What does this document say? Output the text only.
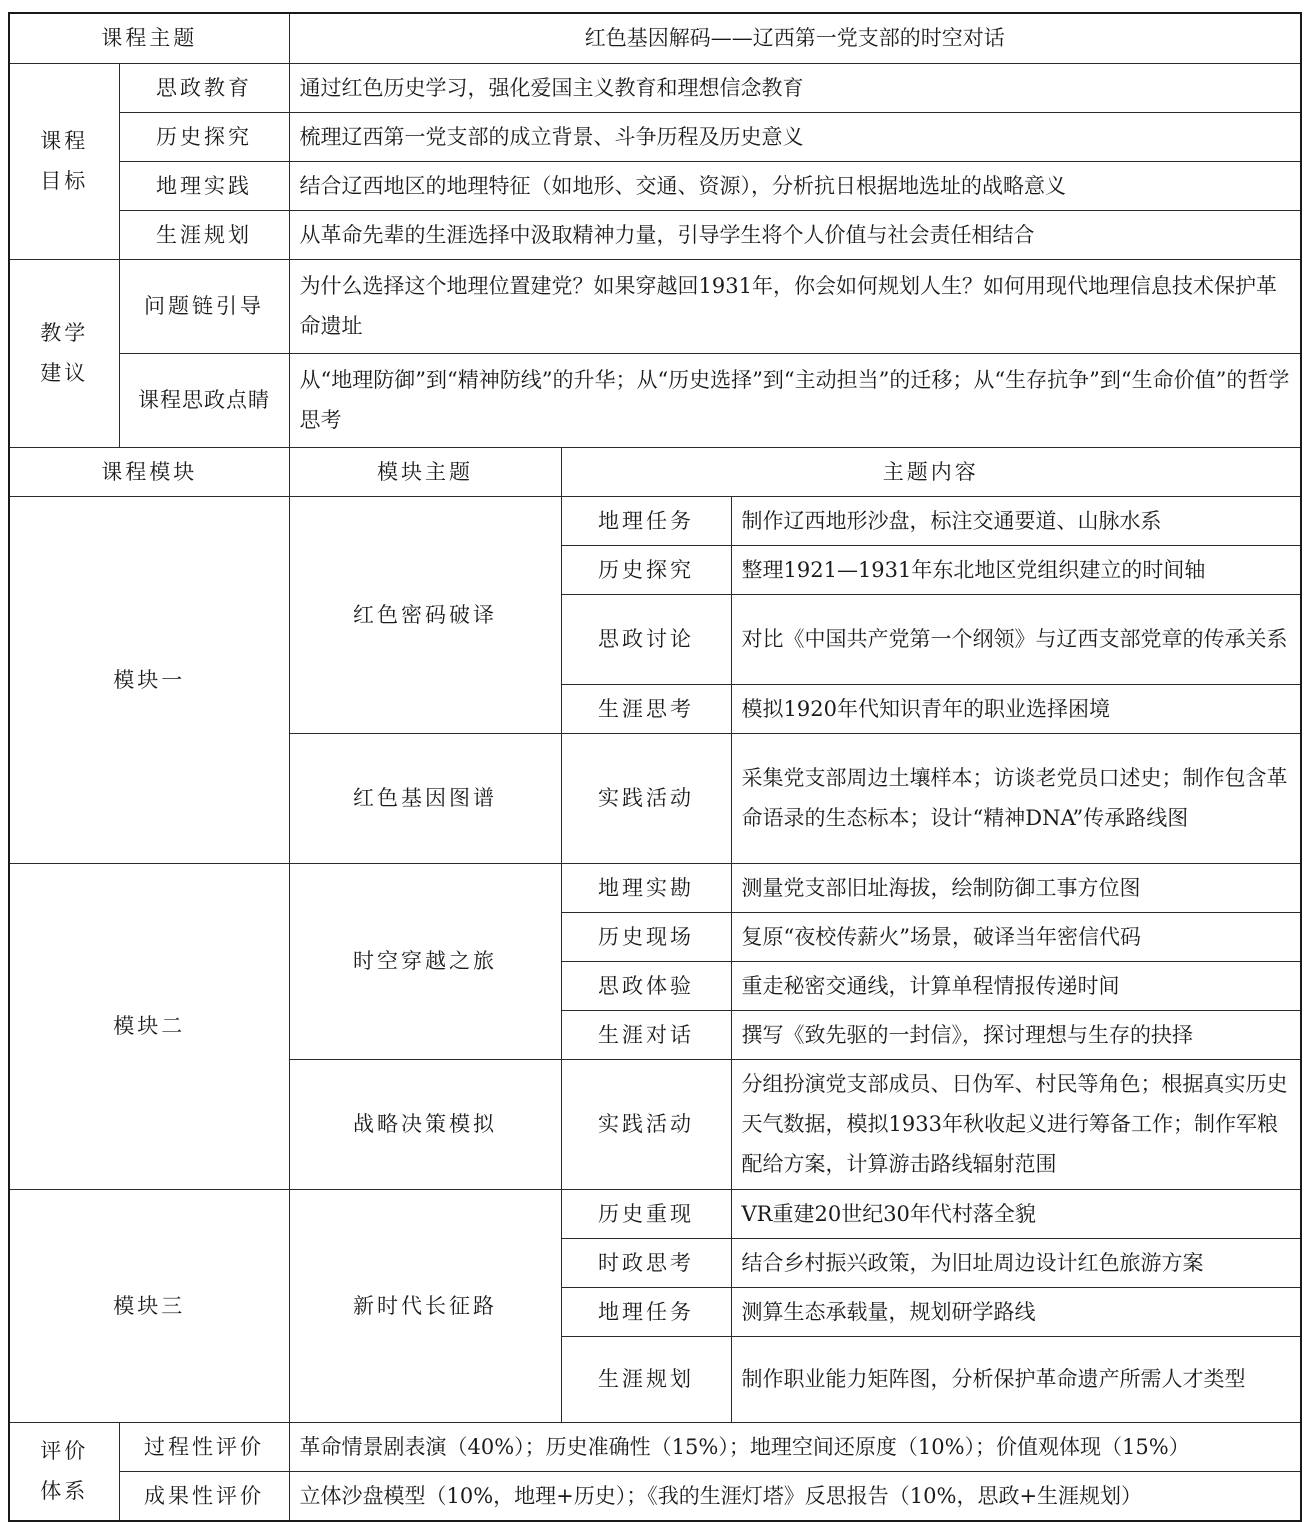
课程主题		红色基因解码——辽西第一党支部的时空对话		
课程目标	思政教育	通过红色历史学习，强化爱国主义教育和理想信念教育		
	历史探究	梳理辽西第一党支部的成立背景、斗争历程及历史意义		
	地理实践	结合辽西地区的地理特征（如地形、交通、资源），分析抗日根据地选址的战略意义		
	生涯规划	从革命先辈的生涯选择中汲取精神力量，引导学生将个人价值与社会责任相结合		
教学建议	问题链引导	为什么选择这个地理位置建党？如果穿越回1931年，你会如何规划人生？如何用现代地理信息技术保护革命遗址		
	课程思政点睛	从“地理防御”到“精神防线”的升华；从“历史选择”到“主动担当”的迁移；从“生存抗争”到“生命价值”的哲学思考		
课程模块		模块主题	主题内容	
模块一		红色密码破译	地理任务	制作辽西地形沙盘，标注交通要道、山脉水系
			历史探究	整理1921—1931年东北地区党组织建立的时间轴
			思政讨论	对比《中国共产党第一个纲领》与辽西支部党章的传承关系
			生涯思考	模拟1920年代知识青年的职业选择困境
		红色基因图谱	实践活动	采集党支部周边土壤样本；访谈老党员口述史；制作包含革命语录的生态标本；设计“精神DNA”传承路线图
模块二		时空穿越之旅	地理实勘	测量党支部旧址海拔，绘制防御工事方位图
			历史现场	复原“夜校传薪火”场景，破译当年密信代码
			思政体验	重走秘密交通线，计算单程情报传递时间
			生涯对话	撰写《致先驱的一封信》，探讨理想与生存的抉择
		战略决策模拟	实践活动	分组扮演党支部成员、日伪军、村民等角色；根据真实历史天气数据，模拟1933年秋收起义进行筹备工作；制作军粮配给方案，计算游击路线辐射范围
模块三		新时代长征路	历史重现	VR重建20世纪30年代村落全貌
			时政思考	结合乡村振兴政策，为旧址周边设计红色旅游方案
			地理任务	测算生态承载量，规划研学路线
			生涯规划	制作职业能力矩阵图，分析保护革命遗产所需人才类型
评价体系	过程性评价	革命情景剧表演（40%）；历史准确性（15%）；地理空间还原度（10%）；价值观体现（15%）		
	成果性评价	立体沙盘模型（10%，地理+历史）；《我的生涯灯塔》反思报告（10%，思政+生涯规划）		
